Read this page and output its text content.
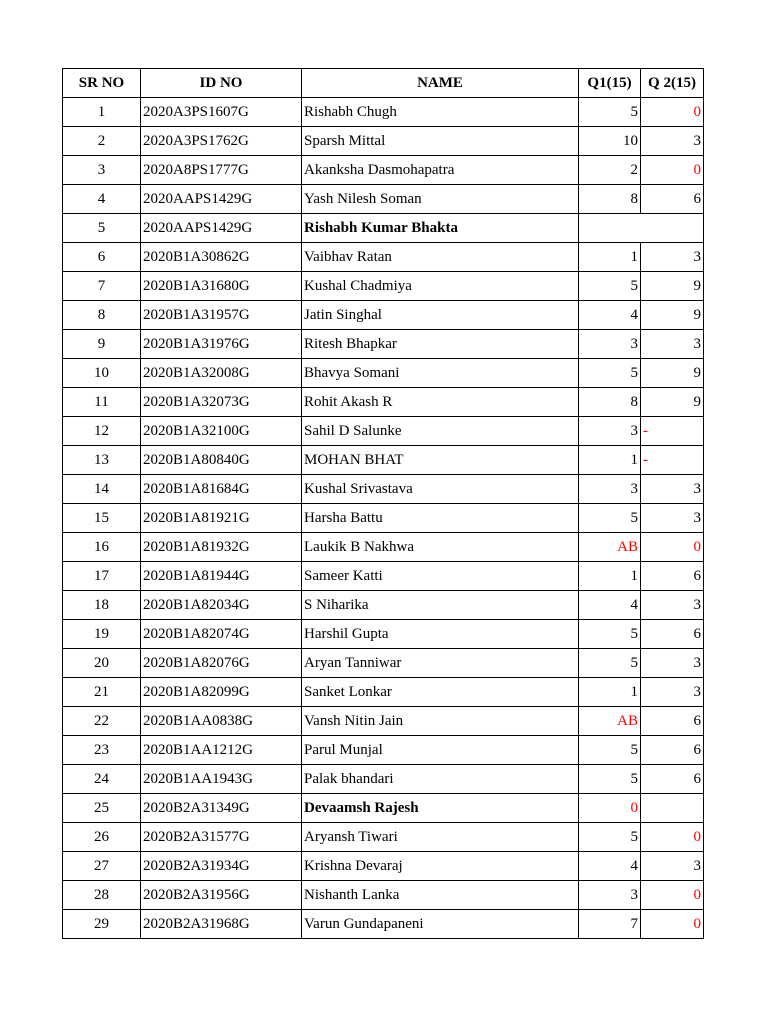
SR NO	ID NO	NAME	Q1(15)	Q 2(15)
1	2020A3PS1607G	Rishabh Chugh	5	0
2	2020A3PS1762G	Sparsh Mittal	10	3
3	2020A8PS1777G	Akanksha Dasmohapatra	2	0
4	2020AAPS1429G	Yash Nilesh Soman	8	6
5	2020AAPS1429G	Rishabh Kumar Bhakta		
6	2020B1A30862G	Vaibhav Ratan	1	3
7	2020B1A31680G	Kushal Chadmiya	5	9
8	2020B1A31957G	Jatin Singhal	4	9
9	2020B1A31976G	Ritesh Bhapkar	3	3
10	2020B1A32008G	Bhavya Somani	5	9
11	2020B1A32073G	Rohit Akash R	8	9
12	2020B1A32100G	Sahil D Salunke	3	-
13	2020B1A80840G	MOHAN BHAT	1	-
14	2020B1A81684G	Kushal Srivastava	3	3
15	2020B1A81921G	Harsha Battu	5	3
16	2020B1A81932G	Laukik B Nakhwa	AB	0
17	2020B1A81944G	Sameer Katti	1	6
18	2020B1A82034G	S Niharika	4	3
19	2020B1A82074G	Harshil Gupta	5	6
20	2020B1A82076G	Aryan Tanniwar	5	3
21	2020B1A82099G	Sanket Lonkar	1	3
22	2020B1AA0838G	Vansh Nitin Jain	AB	6
23	2020B1AA1212G	Parul Munjal	5	6
24	2020B1AA1943G	Palak bhandari	5	6
25	2020B2A31349G	Devaamsh Rajesh	0	
26	2020B2A31577G	Aryansh Tiwari	5	0
27	2020B2A31934G	Krishna Devaraj	4	3
28	2020B2A31956G	Nishanth Lanka	3	0
29	2020B2A31968G	Varun Gundapaneni	7	0
